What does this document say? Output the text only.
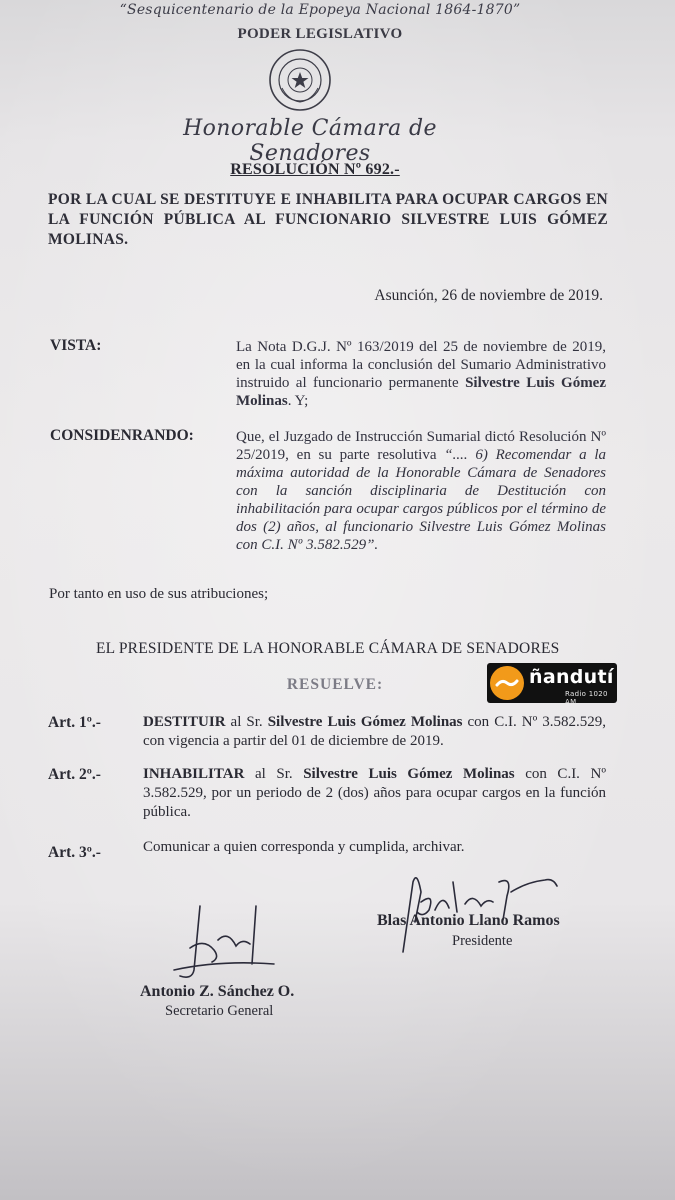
“Sesquicentenario de la Epopeya Nacional 1864-1870”
PODER LEGISLATIVO
Honorable Cámara de Senadores
RESOLUCIÓN Nº 692.-
POR LA CUAL SE DESTITUYE E INHABILITA PARA OCUPAR CARGOS EN LA FUNCIÓN PÚBLICA AL FUNCIONARIO SILVESTRE LUIS GÓMEZ MOLINAS.
Asunción, 26 de noviembre de 2019.
VISTA:	La Nota D.G.J. Nº 163/2019 del 25 de noviembre de 2019, en la cual informa la conclusión del Sumario Administrativo instruido al funcionario permanente Silvestre Luis Gómez Molinas. Y;
CONSIDENRANDO:	Que, el Juzgado de Instrucción Sumarial dictó Resolución Nº 25/2019, en su parte resolutiva “.... 6) Recomendar a la máxima autoridad de la Honorable Cámara de Senadores con la sanción disciplinaria de Destitución con inhabilitación para ocupar cargos públicos por el término de dos (2) años, al funcionario Silvestre Luis Gómez Molinas con C.I. Nº 3.582.529”.
Por tanto en uso de sus atribuciones;
EL PRESIDENTE DE LA HONORABLE CÁMARA DE SENADORES
RESUELVE:
Art. 1º.-	DESTITUIR al Sr. Silvestre Luis Gómez Molinas con C.I. Nº 3.582.529, con vigencia a partir del 01 de diciembre de 2019.
Art. 2º.-	INHABILITAR al Sr. Silvestre Luis Gómez Molinas con C.I. Nº 3.582.529, por un periodo de 2 (dos) años para ocupar cargos en la función pública.
Art. 3º.-	Comunicar a quien corresponda y cumplida, archivar.
Blas Antonio Llano Ramos
Presidente
Antonio Z. Sánchez O.
Secretario General
ñandutí
Radio 1020 AM
